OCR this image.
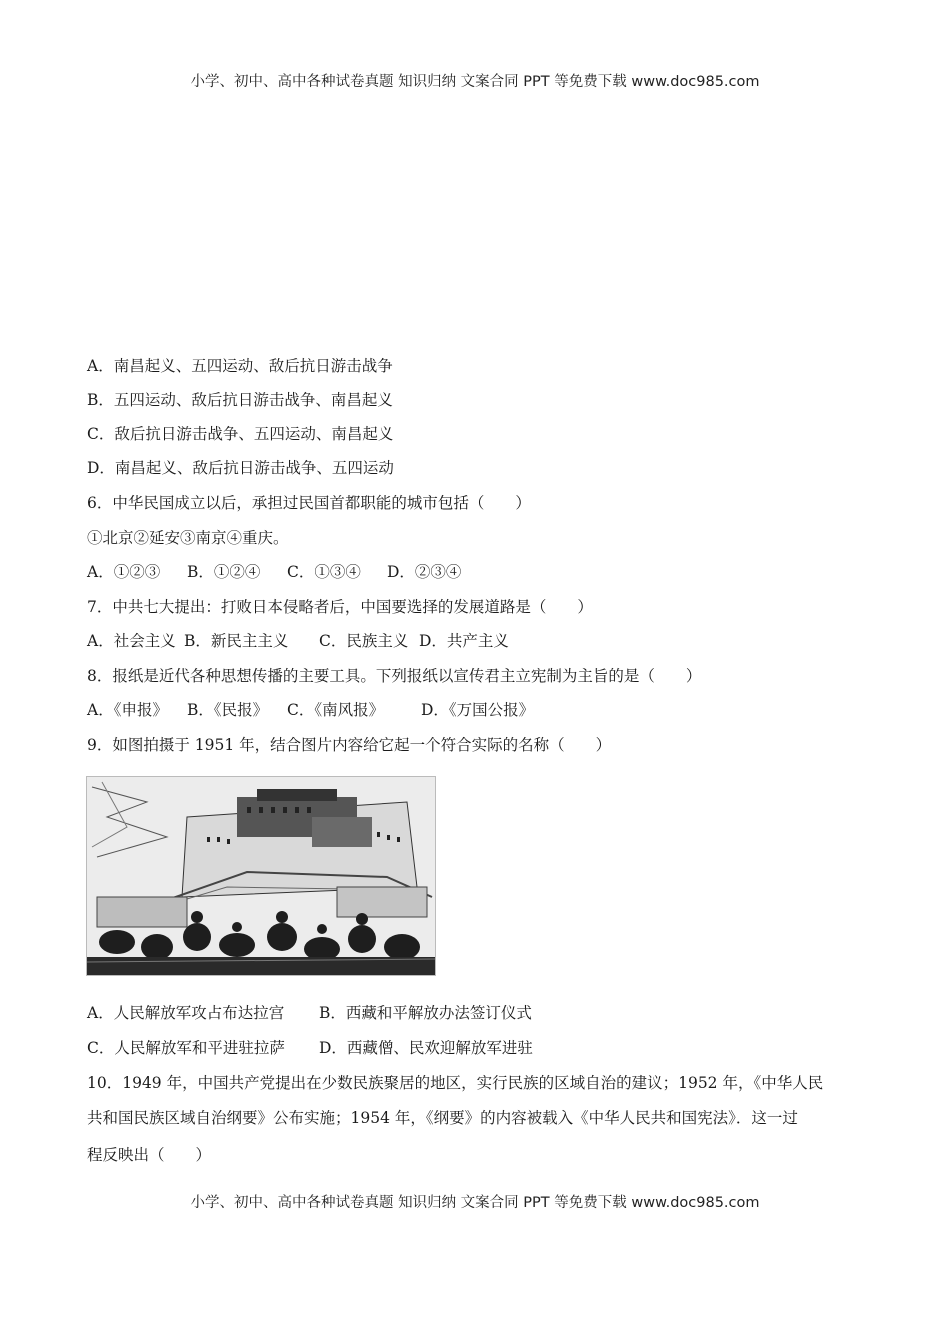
小学、初中、高中各种试卷真题 知识归纳 文案合同 PPT 等免费下载 www.doc985.com
A．南昌起义、五四运动、敌后抗日游击战争
B．五四运动、敌后抗日游击战争、南昌起义
C．敌后抗日游击战争、五四运动、南昌起义
D．南昌起义、敌后抗日游击战争、五四运动
6．中华民国成立以后，承担过民国首都职能的城市包括（　　）
①北京②延安③南京④重庆。
A．①②③ B．①②④ C．①③④ D．②③④
7．中共七大提出：打败日本侵略者后，中国要选择的发展道路是（　　）
A．社会主义 B．新民主主义 C．民族主义 D．共产主义
8．报纸是近代各种思想传播的主要工具。下列报纸以宣传君主立宪制为主旨的是（　　）
A．《申报》 B．《民报》 C．《南风报》 D．《万国公报》
9．如图拍摄于 1951 年，结合图片内容给它起一个符合实际的名称（　　）
A．人民解放军攻占布达拉宫 B．西藏和平解放办法签订仪式
C．人民解放军和平进驻拉萨 D．西藏僧、民欢迎解放军进驻
10．1949 年，中国共产党提出在少数民族聚居的地区，实行民族的区域自治的建议；1952 年，《中华人民
共和国民族区域自治纲要》公布实施；1954 年，《纲要》的内容被载入《中华人民共和国宪法》．这一过
程反映出（　　）
小学、初中、高中各种试卷真题 知识归纳 文案合同 PPT 等免费下载 www.doc985.com
